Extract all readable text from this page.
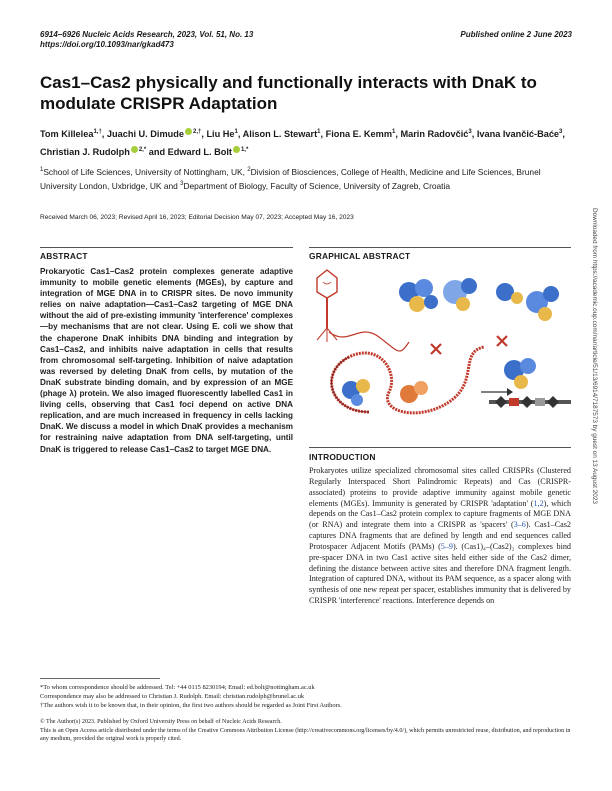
6914–6926 Nucleic Acids Research, 2023, Vol. 51, No. 13
https://doi.org/10.1093/nar/gkad473
Published online 2 June 2023
Cas1–Cas2 physically and functionally interacts with DnaK to modulate CRISPR Adaptation

Tom Killelea$^{1,\dagger}$, Juachi U. Dimude $^{2,\dagger}$, Liu He$^1$, Alison L. Stewart$^1$, Fiona E. Kemm$^1$, Marin Radovčić$^3$, Ivana Ivančić-Baće$^3$, Christian J. Rudolph $^{2,*}$ and Edward L. Bolt $^{1,*}$

$^1$School of Life Sciences, University of Nottingham, UK, $^2$Division of Biosciences, College of Health, Medicine and Life Sciences, Brunel University London, Uxbridge, UK and $^3$Department of Biology, Faculty of Science, University of Zagreb, Croatia

Received March 06, 2023; Revised April 16, 2023; Editorial Decision May 07, 2023; Accepted May 16, 2023
ABSTRACT

Prokaryotic Cas1–Cas2 protein complexes generate adaptive immunity to mobile genetic elements (MGEs), by capture and integration of MGE DNA in to CRISPR sites. De novo immunity relies on naive adaptation—Cas1–Cas2 targeting of MGE DNA without the aid of pre-existing immunity 'interference' complexes—by mechanisms that are not clear. Using E. coli we show that the chaperone DnaK inhibits DNA binding and integration by Cas1–Cas2, and inhibits naive adaptation in cells that results from chromosomal self-targeting. Inhibition of naive adaptation was reversed by deleting DnaK from cells, by mutation of the DnaK substrate binding domain, and by expression of an MGE (phage λ) protein. We also imaged fluorescently labelled Cas1 in living cells, observing that Cas1 foci depend on active DNA replication, and are much increased in frequency in cells lacking DnaK. We discuss a model in which DnaK provides a mechanism for restraining naive adaptation from DNA self-targeting, until DnaK is triggered to release Cas1–Cas2 to target MGE DNA.

GRAPHICAL ABSTRACT
INTRODUCTION

Prokaryotes utilize specialized chromosomal sites called CRISPRs (Clustered Regularly Interspaced Short Palindromic Repeats) and Cas (CRISPR-associated) proteins to provide adaptive immunity against mobile genetic elements (MGEs). Immunity is generated by CRISPR 'adaptation' (1,2), which depends on the Cas1–Cas2 protein complex to capture fragments of MGE DNA (or RNA) and integrate them into a CRISPR as 'spacers' (3–6). Cas1–Cas2 captures DNA fragments that are defined by length and end sequences called Protospacer Adjacent Motifs (PAMs) (5–9). (Cas1)₄–(Cas2)₂ complexes bind pre-spacer DNA in two Cas1 active sites held either side of the Cas2 dimer, defining the distance between active sites and therefore DNA fragment length. Integration of captured DNA, without its PAM sequence, as a spacer along with synthesis of one new repeat per spacer, establishes immunity that is delivered by CRISPR 'interference' reactions. Interference depends on

*To whom correspondence should be addressed. Tel: +44 0115 8230194; Email: ed.bolt@nottingham.ac.uk
Correspondence may also be addressed to Christian J. Rudolph. Email: christian.rudolph@brunel.ac.uk
†The authors wish it to be known that, in their opinion, the first two authors should be regarded as Joint First Authors.
© The Author(s) 2023. Published by Oxford University Press on behalf of Nucleic Acids Research.
This is an Open Access article distributed under the terms of the Creative Commons Attribution License (http://creativecommons.org/licenses/by/4.0/), which permits unrestricted reuse, distribution, and reproduction in any medium, provided the original work is properly cited.
Downloaded from https://academic.oup.com/nar/article/51/13/6914/7187573 by guest on 13 August 2023
